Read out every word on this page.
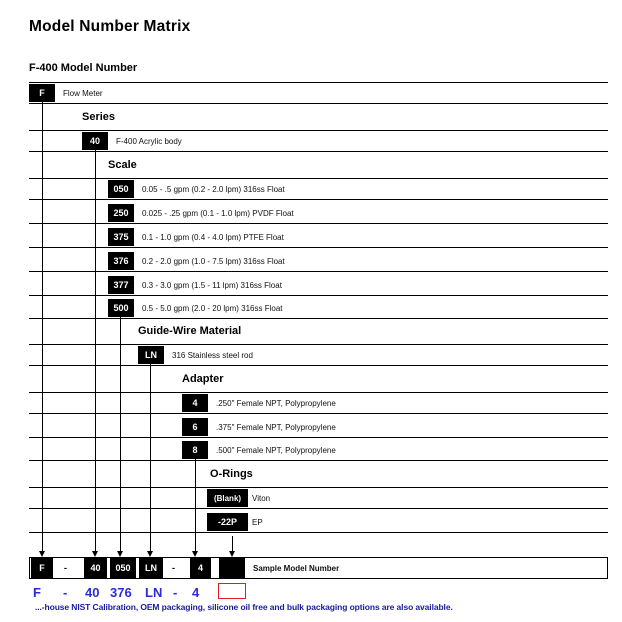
Model Number Matrix
F-400 Model Number
F	Flow Meter
Series
40	F-400 Acrylic body
Scale
050	0.05 - .5 gpm (0.2 - 2.0 lpm) 316ss Float
250	0.025 - .25 gpm (0.1 - 1.0 lpm) PVDF Float
375	0.1 - 1.0 gpm (0.4 - 4.0 lpm) PTFE Float
376	0.2 - 2.0 gpm (1.0 - 7.5 lpm) 316ss Float
377	0.3 - 3.0 gpm (1.5 - 11 lpm) 316ss Float
500	0.5 - 5.0 gpm (2.0 - 20 lpm) 316ss Float
Guide-Wire Material
LN	316 Stainless steel rod
Adapter
4	.250" Female NPT, Polypropylene
6	.375" Female NPT, Polypropylene
8	.500" Female NPT, Polypropylene
O-Rings
(Blank)	Viton
-22P	EP
F	-	40	050	LN	-	4	Sample Model Number
F - 40 376 LN - 4
...-house NIST Calibration, OEM packaging, silicone oil free and bulk packaging options are also available.
